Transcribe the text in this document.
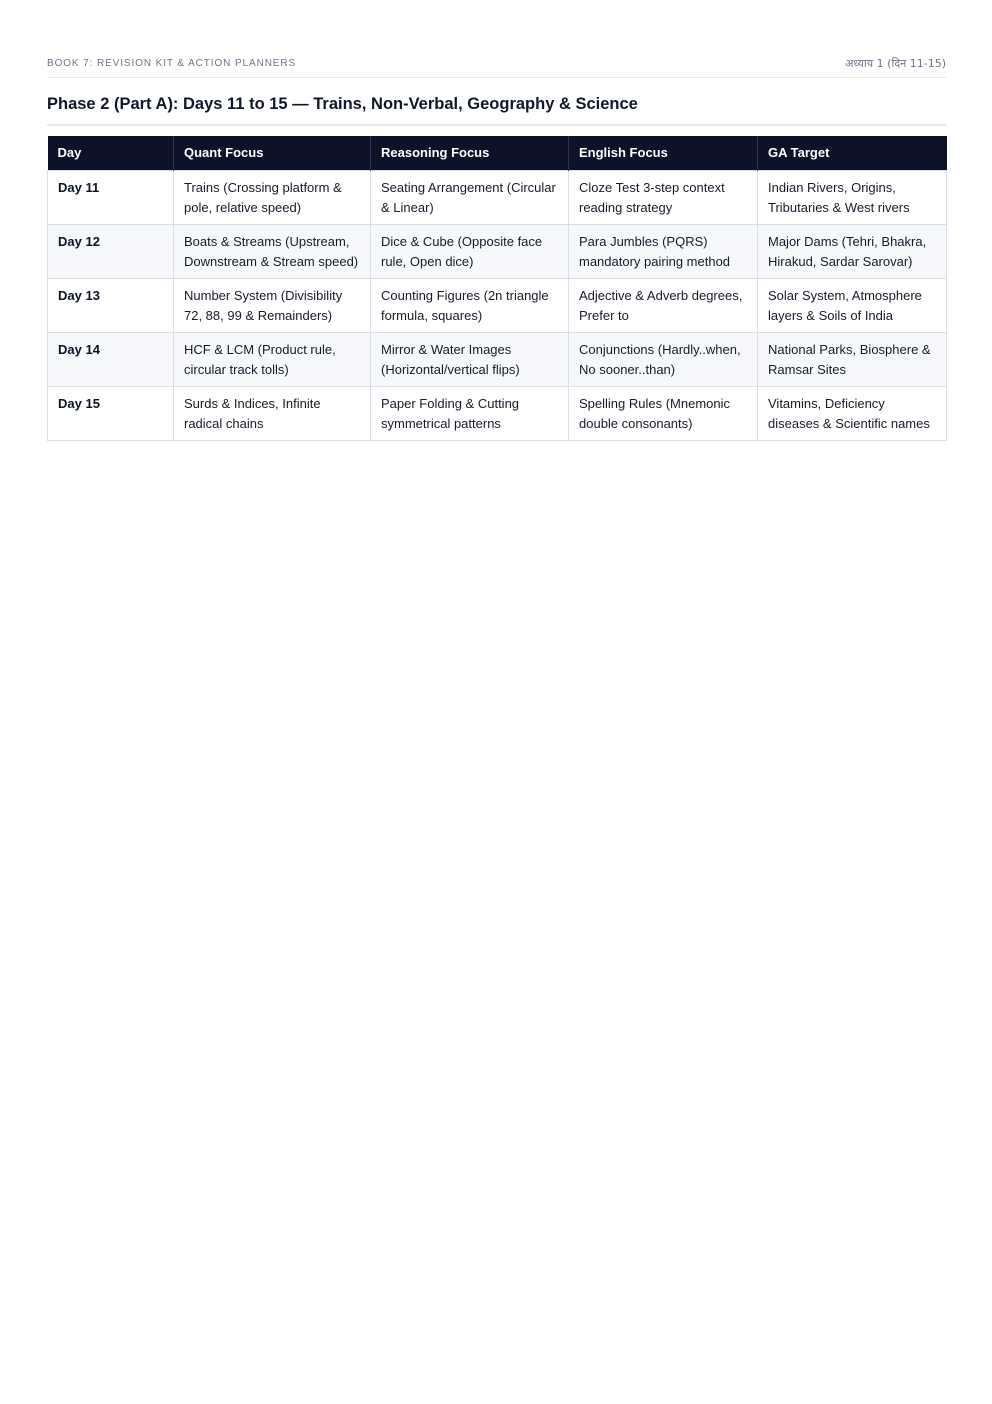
BOOK 7: REVISION KIT & ACTION PLANNERS	अध्याय 1 (दिन 11-15)
Phase 2 (Part A): Days 11 to 15 — Trains, Non-Verbal, Geography & Science
Day	Quant Focus	Reasoning Focus	English Focus	GA Target
Day 11	Trains (Crossing platform & pole, relative speed)	Seating Arrangement (Circular & Linear)	Cloze Test 3-step context reading strategy	Indian Rivers, Origins, Tributaries & West rivers
Day 12	Boats & Streams (Upstream, Downstream & Stream speed)	Dice & Cube (Opposite face rule, Open dice)	Para Jumbles (PQRS) mandatory pairing method	Major Dams (Tehri, Bhakra, Hirakud, Sardar Sarovar)
Day 13	Number System (Divisibility 72, 88, 99 & Remainders)	Counting Figures (2n triangle formula, squares)	Adjective & Adverb degrees, Prefer to	Solar System, Atmosphere layers & Soils of India
Day 14	HCF & LCM (Product rule, circular track tolls)	Mirror & Water Images (Horizontal/vertical flips)	Conjunctions (Hardly..when, No sooner..than)	National Parks, Biosphere & Ramsar Sites
Day 15	Surds & Indices, Infinite radical chains	Paper Folding & Cutting symmetrical patterns	Spelling Rules (Mnemonic double consonants)	Vitamins, Deficiency diseases & Scientific names
